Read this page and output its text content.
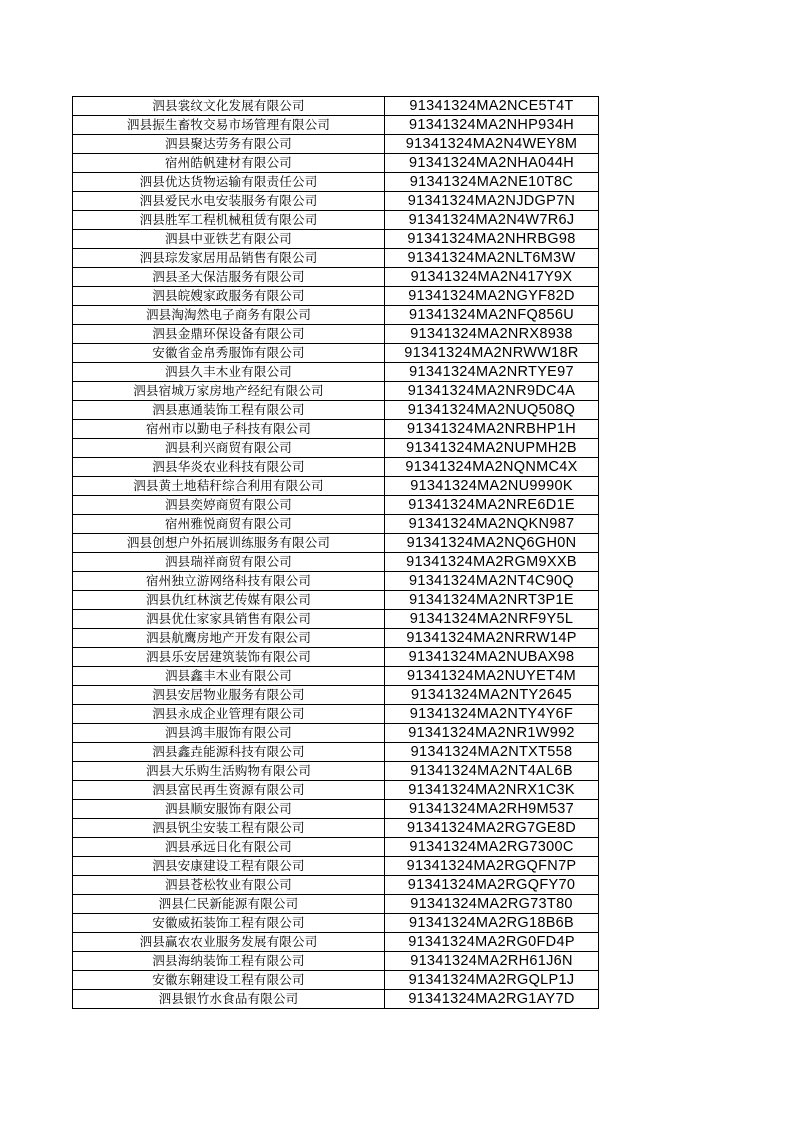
泗县裳纹文化发展有限公司	91341324MA2NCE5T4T
泗县振生畜牧交易市场管理有限公司	91341324MA2NHP934H
泗县聚达劳务有限公司	91341324MA2N4WEY8M
宿州皓帆建材有限公司	91341324MA2NHA044H
泗县优达货物运输有限责任公司	91341324MA2NE10T8C
泗县爱民水电安装服务有限公司	91341324MA2NJDGP7N
泗县胜军工程机械租赁有限公司	91341324MA2N4W7R6J
泗县中亚铁艺有限公司	91341324MA2NHRBG98
泗县琮发家居用品销售有限公司	91341324MA2NLT6M3W
泗县圣大保洁服务有限公司	91341324MA2N417Y9X
泗县皖嫂家政服务有限公司	91341324MA2NGYF82D
泗县淘淘然电子商务有限公司	91341324MA2NFQ856U
泗县金鼎环保设备有限公司	91341324MA2NRX8938
安徽省金帛秀服饰有限公司	91341324MA2NRWW18R
泗县久丰木业有限公司	91341324MA2NRTYE97
泗县宿城万家房地产经纪有限公司	91341324MA2NR9DC4A
泗县惠通装饰工程有限公司	91341324MA2NUQ508Q
宿州市以勤电子科技有限公司	91341324MA2NRBHP1H
泗县利兴商贸有限公司	91341324MA2NUPMH2B
泗县华炎农业科技有限公司	91341324MA2NQNMC4X
泗县黄土地秸秆综合利用有限公司	91341324MA2NU9990K
泗县奕婷商贸有限公司	91341324MA2NRE6D1E
宿州雅悦商贸有限公司	91341324MA2NQKN987
泗县创想户外拓展训练服务有限公司	91341324MA2NQ6GH0N
泗县瑞祥商贸有限公司	91341324MA2RGM9XXB
宿州独立游网络科技有限公司	91341324MA2NT4C90Q
泗县仇红林演艺传媒有限公司	91341324MA2NRT3P1E
泗县优仕家家具销售有限公司	91341324MA2NRF9Y5L
泗县航鹰房地产开发有限公司	91341324MA2NRRW14P
泗县乐安居建筑装饰有限公司	91341324MA2NUBAX98
泗县鑫丰木业有限公司	91341324MA2NUYET4M
泗县安居物业服务有限公司	91341324MA2NTY2645
泗县永成企业管理有限公司	91341324MA2NTY4Y6F
泗县鸿丰服饰有限公司	91341324MA2NR1W992
泗县鑫垚能源科技有限公司	91341324MA2NTXT558
泗县大乐购生活购物有限公司	91341324MA2NT4AL6B
泗县富民再生资源有限公司	91341324MA2NRX1C3K
泗县顺安服饰有限公司	91341324MA2RH9M537
泗县钒尘安装工程有限公司	91341324MA2RG7GE8D
泗县承远日化有限公司	91341324MA2RG7300C
泗县安康建设工程有限公司	91341324MA2RGQFN7P
泗县苍松牧业有限公司	91341324MA2RGQFY70
泗县仁民新能源有限公司	91341324MA2RG73T80
安徽威拓装饰工程有限公司	91341324MA2RG18B6B
泗县赢农农业服务发展有限公司	91341324MA2RG0FD4P
泗县海纳装饰工程有限公司	91341324MA2RH61J6N
安徽东翱建设工程有限公司	91341324MA2RGQLP1J
泗县银竹水食品有限公司	91341324MA2RG1AY7D
